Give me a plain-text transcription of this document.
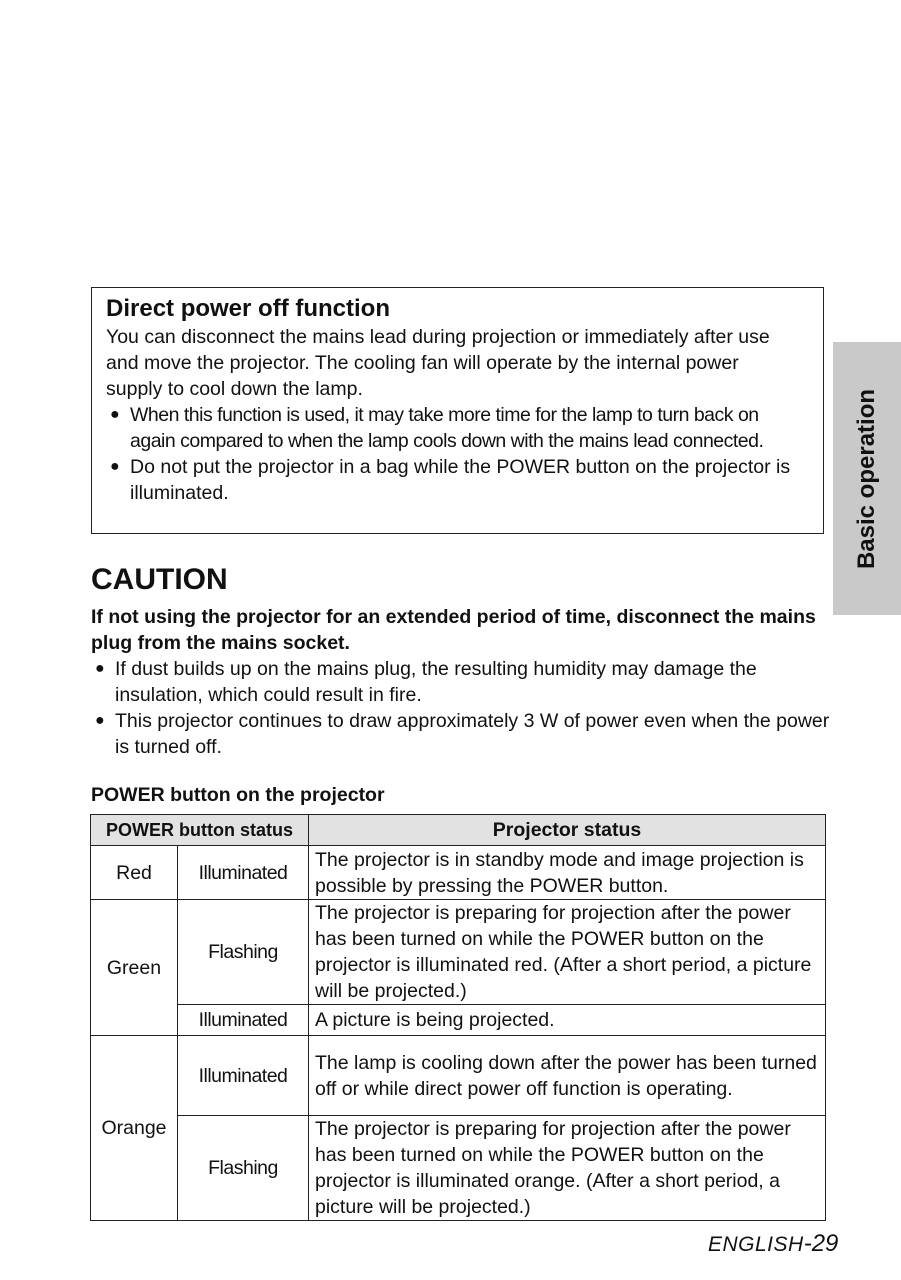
Direct power off function

You can disconnect the mains lead during projection or immediately after use and move the projector. The cooling fan will operate by the internal power supply to cool down the lamp.

● When this function is used, it may take more time for the lamp to turn back on again compared to when the lamp cools down with the mains lead connected.
● Do not put the projector in a bag while the POWER button on the projector is illuminated.
CAUTION

If not using the projector for an extended period of time, disconnect the mains plug from the mains socket.

● If dust builds up on the mains plug, the resulting humidity may damage the insulation, which could result in fire.
● This projector continues to draw approximately 3 W of power even when the power is turned off.
POWER button on the projector
POWER button status		Projector status
Red	Illuminated	The projector is in standby mode and image projection is possible by pressing the POWER button.
Green	Flashing	The projector is preparing for projection after the power has been turned on while the POWER button on the projector is illuminated red. (After a short period, a picture will be projected.)
	Illuminated	A picture is being projected.
Orange	Illuminated	The lamp is cooling down after the power has been turned off or while direct power off function is operating.
	Flashing	The projector is preparing for projection after the power has been turned on while the POWER button on the projector is illuminated orange. (After a short period, a picture will be projected.)
Basic operation

ENGLISH-29
